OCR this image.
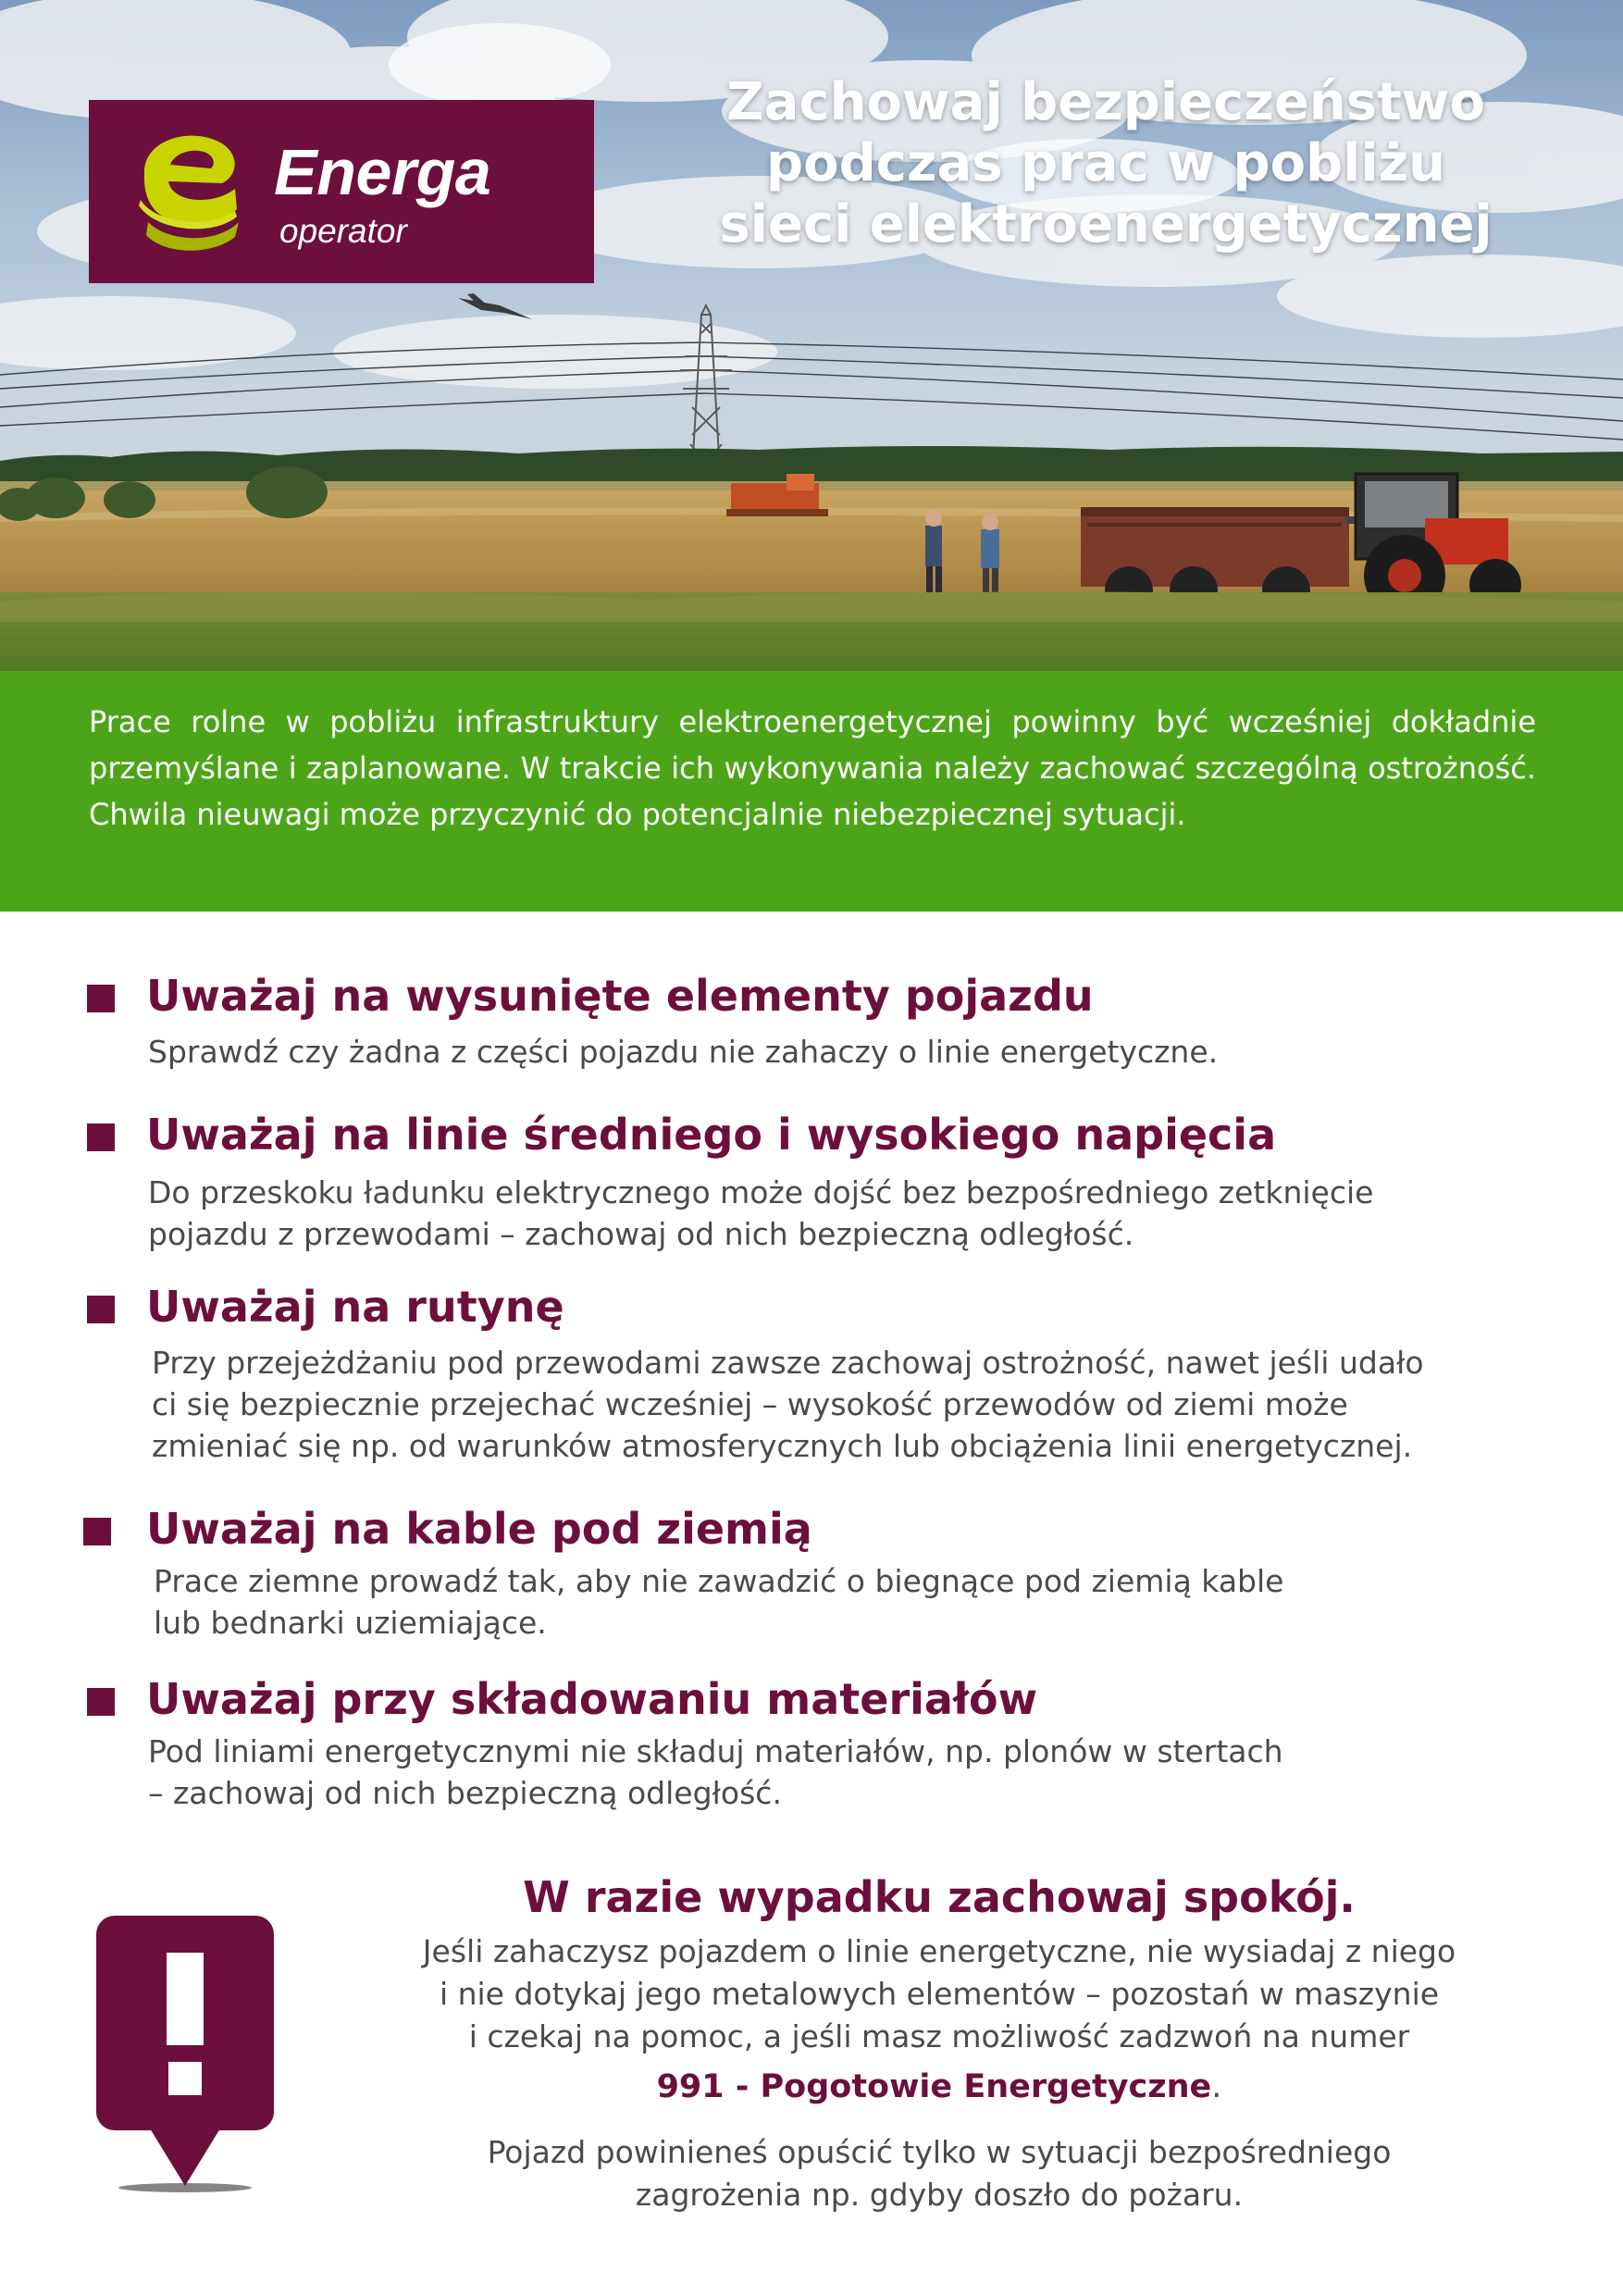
Energa
operator
Zachowaj bezpieczeństwo
podczas prac w pobliżu
sieci elektroenergetycznej
Prace rolne w pobliżu infrastruktury elektroenergetycznej powinny być wcześniej dokładnie przemyślane i zaplanowane. W trakcie ich wykonywania należy zachować szczególną ostrożność. Chwila nieuwagi może przyczynić do potencjalnie niebezpiecznej sytuacji.
Uważaj na wysunięte elementy pojazdu
Sprawdź czy żadna z części pojazdu nie zahaczy o linie energetyczne.
Uważaj na linie średniego i wysokiego napięcia
Do przeskoku ładunku elektrycznego może dojść bez bezpośredniego zetknięcie
pojazdu z przewodami – zachowaj od nich bezpieczną odległość.
Uważaj na rutynę
Przy przejeżdżaniu pod przewodami zawsze zachowaj ostrożność, nawet jeśli udało
ci się bezpiecznie przejechać wcześniej – wysokość przewodów od ziemi może
zmieniać się np. od warunków atmosferycznych lub obciążenia linii energetycznej.
Uważaj na kable pod ziemią
Prace ziemne prowadź tak, aby nie zawadzić o biegnące pod ziemią kable
lub bednarki uziemiające.
Uważaj przy składowaniu materiałów
Pod liniami energetycznymi nie składuj materiałów, np. plonów w stertach
– zachowaj od nich bezpieczną odległość.
W razie wypadku zachowaj spokój.
Jeśli zahaczysz pojazdem o linie energetyczne, nie wysiadaj z niego
i nie dotykaj jego metalowych elementów – pozostań w maszynie
i czekaj na pomoc, a jeśli masz możliwość zadzwoń na numer
991 - Pogotowie Energetyczne.
Pojazd powinieneś opuścić tylko w sytuacji bezpośredniego
zagrożenia np. gdyby doszło do pożaru.
